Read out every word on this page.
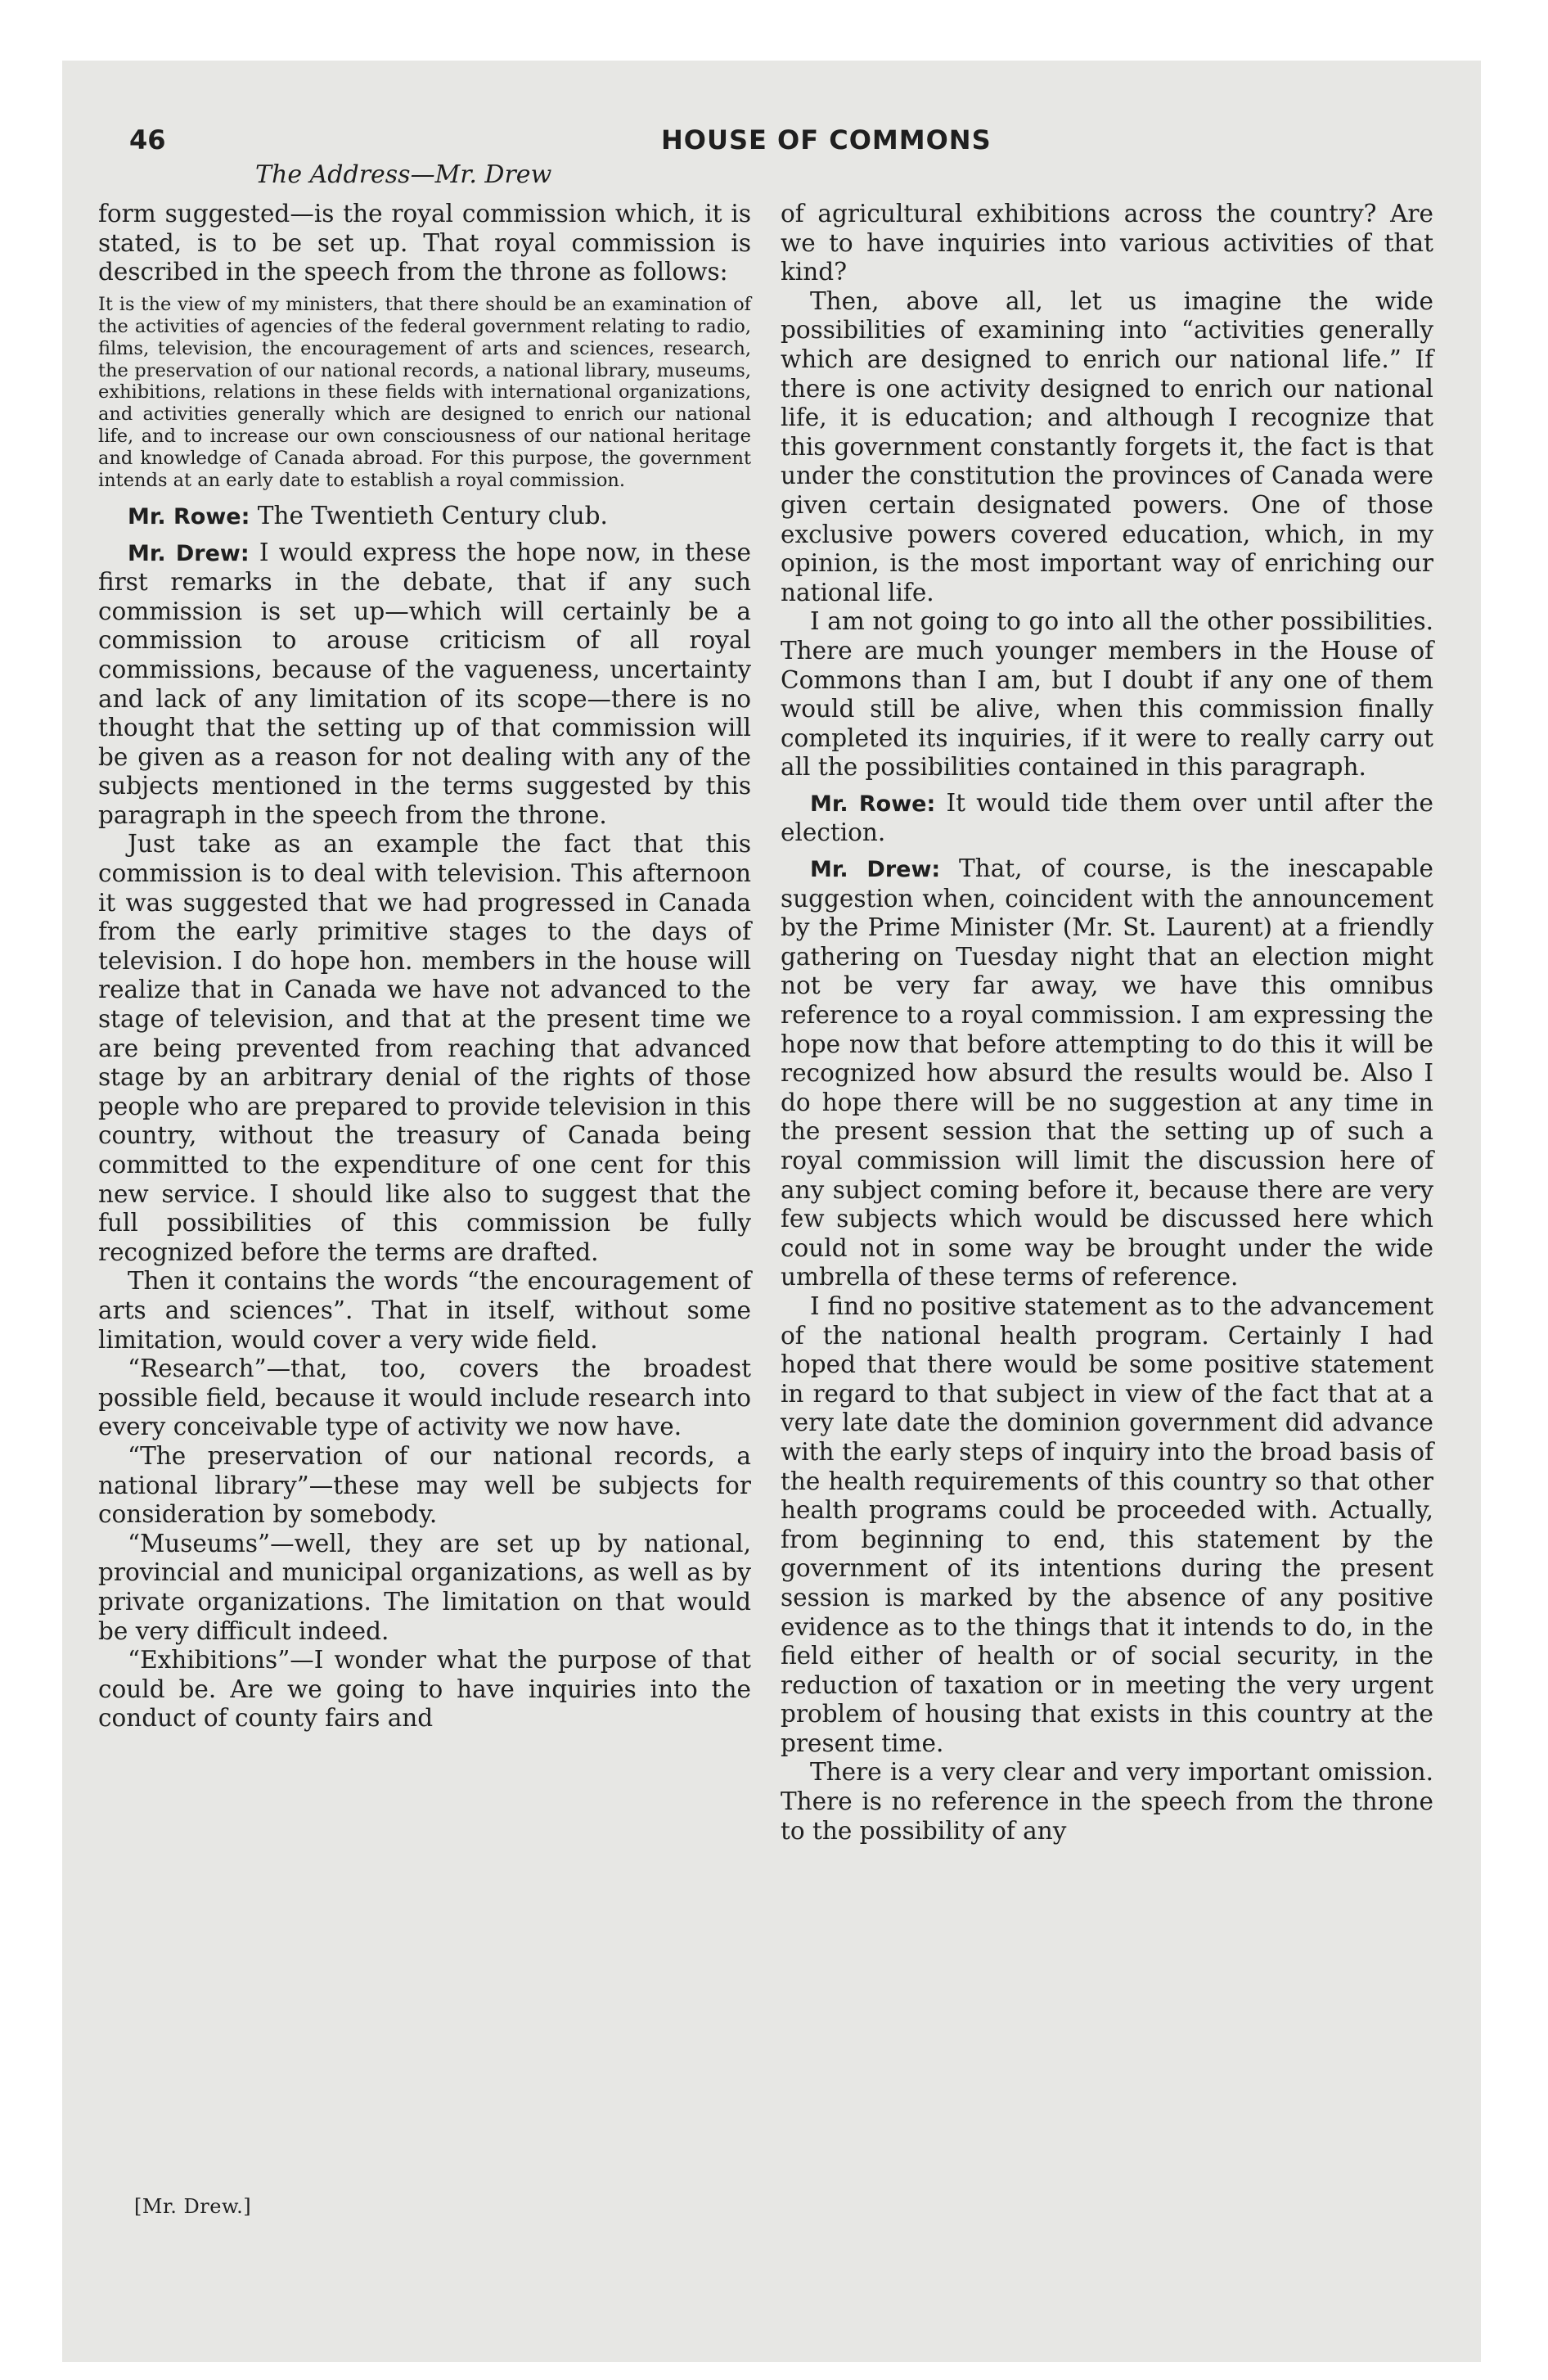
46	HOUSE OF COMMONS
The Address—Mr. Drew

form suggested—is the royal commission which, it is stated, is to be set up. That royal commission is described in the speech from the throne as follows:

It is the view of my ministers, that there should be an examination of the activities of agencies of the federal government relating to radio, films, television, the encouragement of arts and sciences, research, the preservation of our national records, a national library, museums, exhibitions, relations in these fields with international organizations, and activities generally which are designed to enrich our national life, and to increase our own consciousness of our national heritage and knowledge of Canada abroad. For this purpose, the government intends at an early date to establish a royal commission.

Mr. Rowe: The Twentieth Century club.

Mr. Drew: I would express the hope now, in these first remarks in the debate, that if any such commission is set up—which will certainly be a commission to arouse criticism of all royal commissions, because of the vagueness, uncertainty and lack of any limitation of its scope—there is no thought that the setting up of that commission will be given as a reason for not dealing with any of the subjects mentioned in the terms suggested by this paragraph in the speech from the throne.

Just take as an example the fact that this commission is to deal with television. This afternoon it was suggested that we had progressed in Canada from the early primitive stages to the days of television. I do hope hon. members in the house will realize that in Canada we have not advanced to the stage of television, and that at the present time we are being prevented from reaching that advanced stage by an arbitrary denial of the rights of those people who are prepared to provide television in this country, without the treasury of Canada being committed to the expenditure of one cent for this new service. I should like also to suggest that the full possibilities of this commission be fully recognized before the terms are drafted.

Then it contains the words “the encouragement of arts and sciences”. That in itself, without some limitation, would cover a very wide field.

“Research”—that, too, covers the broadest possible field, because it would include research into every conceivable type of activity we now have.

“The preservation of our national records, a national library”—these may well be subjects for consideration by somebody.

“Museums”—well, they are set up by national, provincial and municipal organizations, as well as by private organizations. The limitation on that would be very difficult indeed.

“Exhibitions”—I wonder what the purpose of that could be. Are we going to have inquiries into the conduct of county fairs and

of agricultural exhibitions across the country? Are we to have inquiries into various activities of that kind?

Then, above all, let us imagine the wide possibilities of examining into “activities generally which are designed to enrich our national life.” If there is one activity designed to enrich our national life, it is education; and although I recognize that this government constantly forgets it, the fact is that under the constitution the provinces of Canada were given certain designated powers. One of those exclusive powers covered education, which, in my opinion, is the most important way of enriching our national life.

I am not going to go into all the other possibilities. There are much younger members in the House of Commons than I am, but I doubt if any one of them would still be alive, when this commission finally completed its inquiries, if it were to really carry out all the possibilities contained in this paragraph.

Mr. Rowe: It would tide them over until after the election.

Mr. Drew: That, of course, is the inescapable suggestion when, coincident with the announcement by the Prime Minister (Mr. St. Laurent) at a friendly gathering on Tuesday night that an election might not be very far away, we have this omnibus reference to a royal commission. I am expressing the hope now that before attempting to do this it will be recognized how absurd the results would be. Also I do hope there will be no suggestion at any time in the present session that the setting up of such a royal commission will limit the discussion here of any subject coming before it, because there are very few subjects which would be discussed here which could not in some way be brought under the wide umbrella of these terms of reference.

I find no positive statement as to the advancement of the national health program. Certainly I had hoped that there would be some positive statement in regard to that subject in view of the fact that at a very late date the dominion government did advance with the early steps of inquiry into the broad basis of the health requirements of this country so that other health programs could be proceeded with. Actually, from beginning to end, this statement by the government of its intentions during the present session is marked by the absence of any positive evidence as to the things that it intends to do, in the field either of health or of social security, in the reduction of taxation or in meeting the very urgent problem of housing that exists in this country at the present time.

There is a very clear and very important omission. There is no reference in the speech from the throne to the possibility of any

[Mr. Drew.]
